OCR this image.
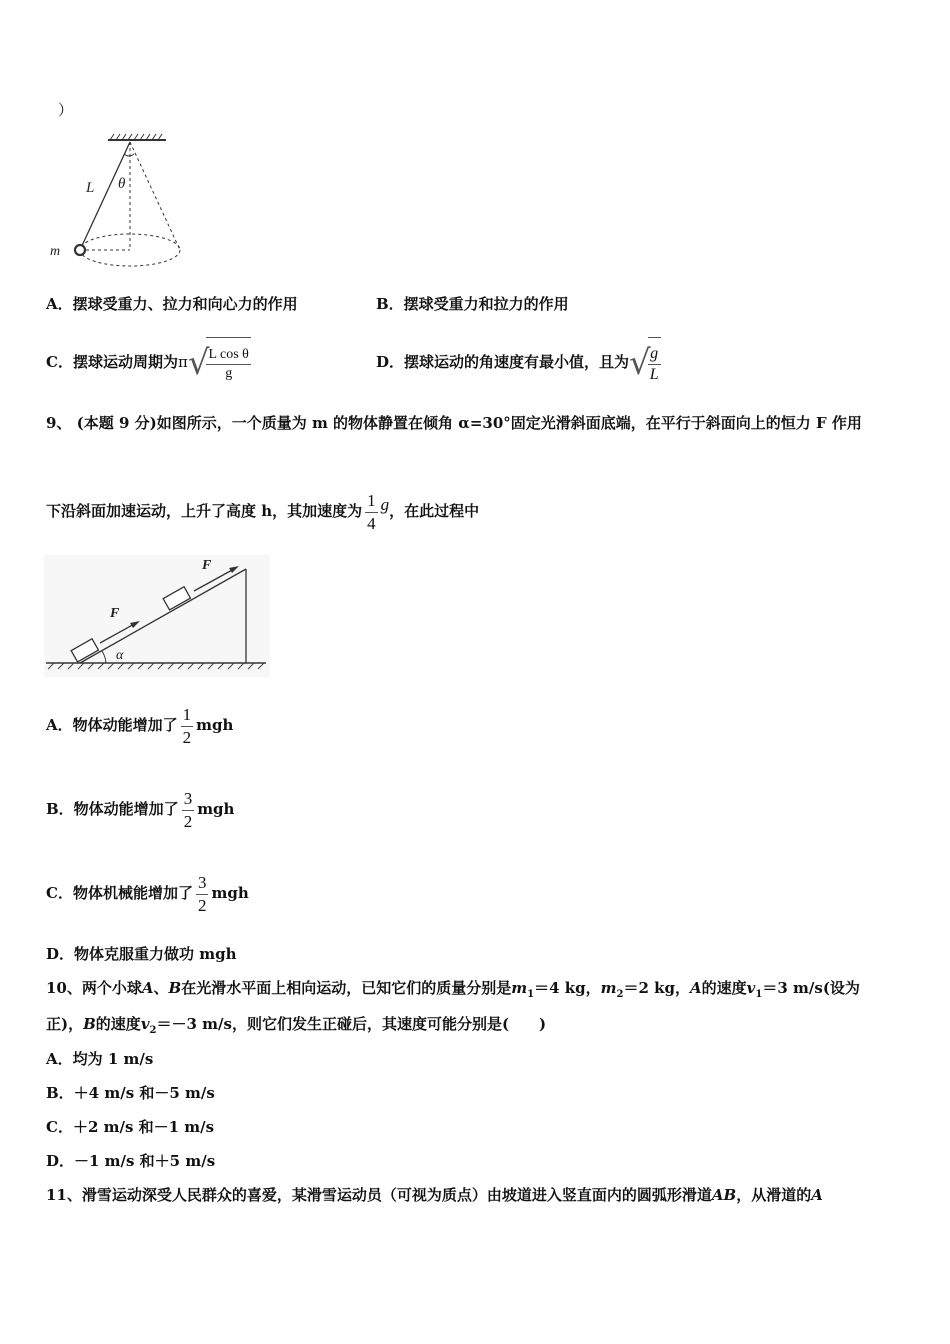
）
L θ
m
A．摆球受重力、拉力和向心力的作用	B．摆球受重力和拉力的作用
C．摆球运动周期为π√
$\frac{\text{L cos θ}}{g}$	D．摆球运动的角速度有最小值，且为√
$\frac{g}{L}$
9、 (本题 9 分)如图所示，一个质量为 m 的物体静置在倾角 α=30°固定光滑斜面底端，在平行于斜面向上的恒力 F 作用
下沿斜面加速运动，上升了高度 h，其加速度为 $\frac{1}{4}$ g，在此过程中
F
F
α
A．物体动能增加了 $\frac{1}{2}$ mgh
B．物体动能增加了 $\frac{3}{2}$ mgh
C．物体机械能增加了 $\frac{3}{2}$ mgh
D．物体克服重力做功 mgh
10、两个小球A、B在光滑水平面上相向运动，已知它们的质量分别是$m_1=4$ kg，$m_2=2$ kg，A的速度$v_1=3$ m/s(设为
正)，B的速度$v_2=-3$ m/s，则它们发生正碰后，其速度可能分别是(　　)
A．均为 1 m/s
B．＋4 m/s 和－5 m/s
C．＋2 m/s 和－1 m/s
D．－1 m/s 和＋5 m/s
11、滑雪运动深受人民群众的喜爱，某滑雪运动员（可视为质点）由坡道进入竖直面内的圆弧形滑道AB，从滑道的A
